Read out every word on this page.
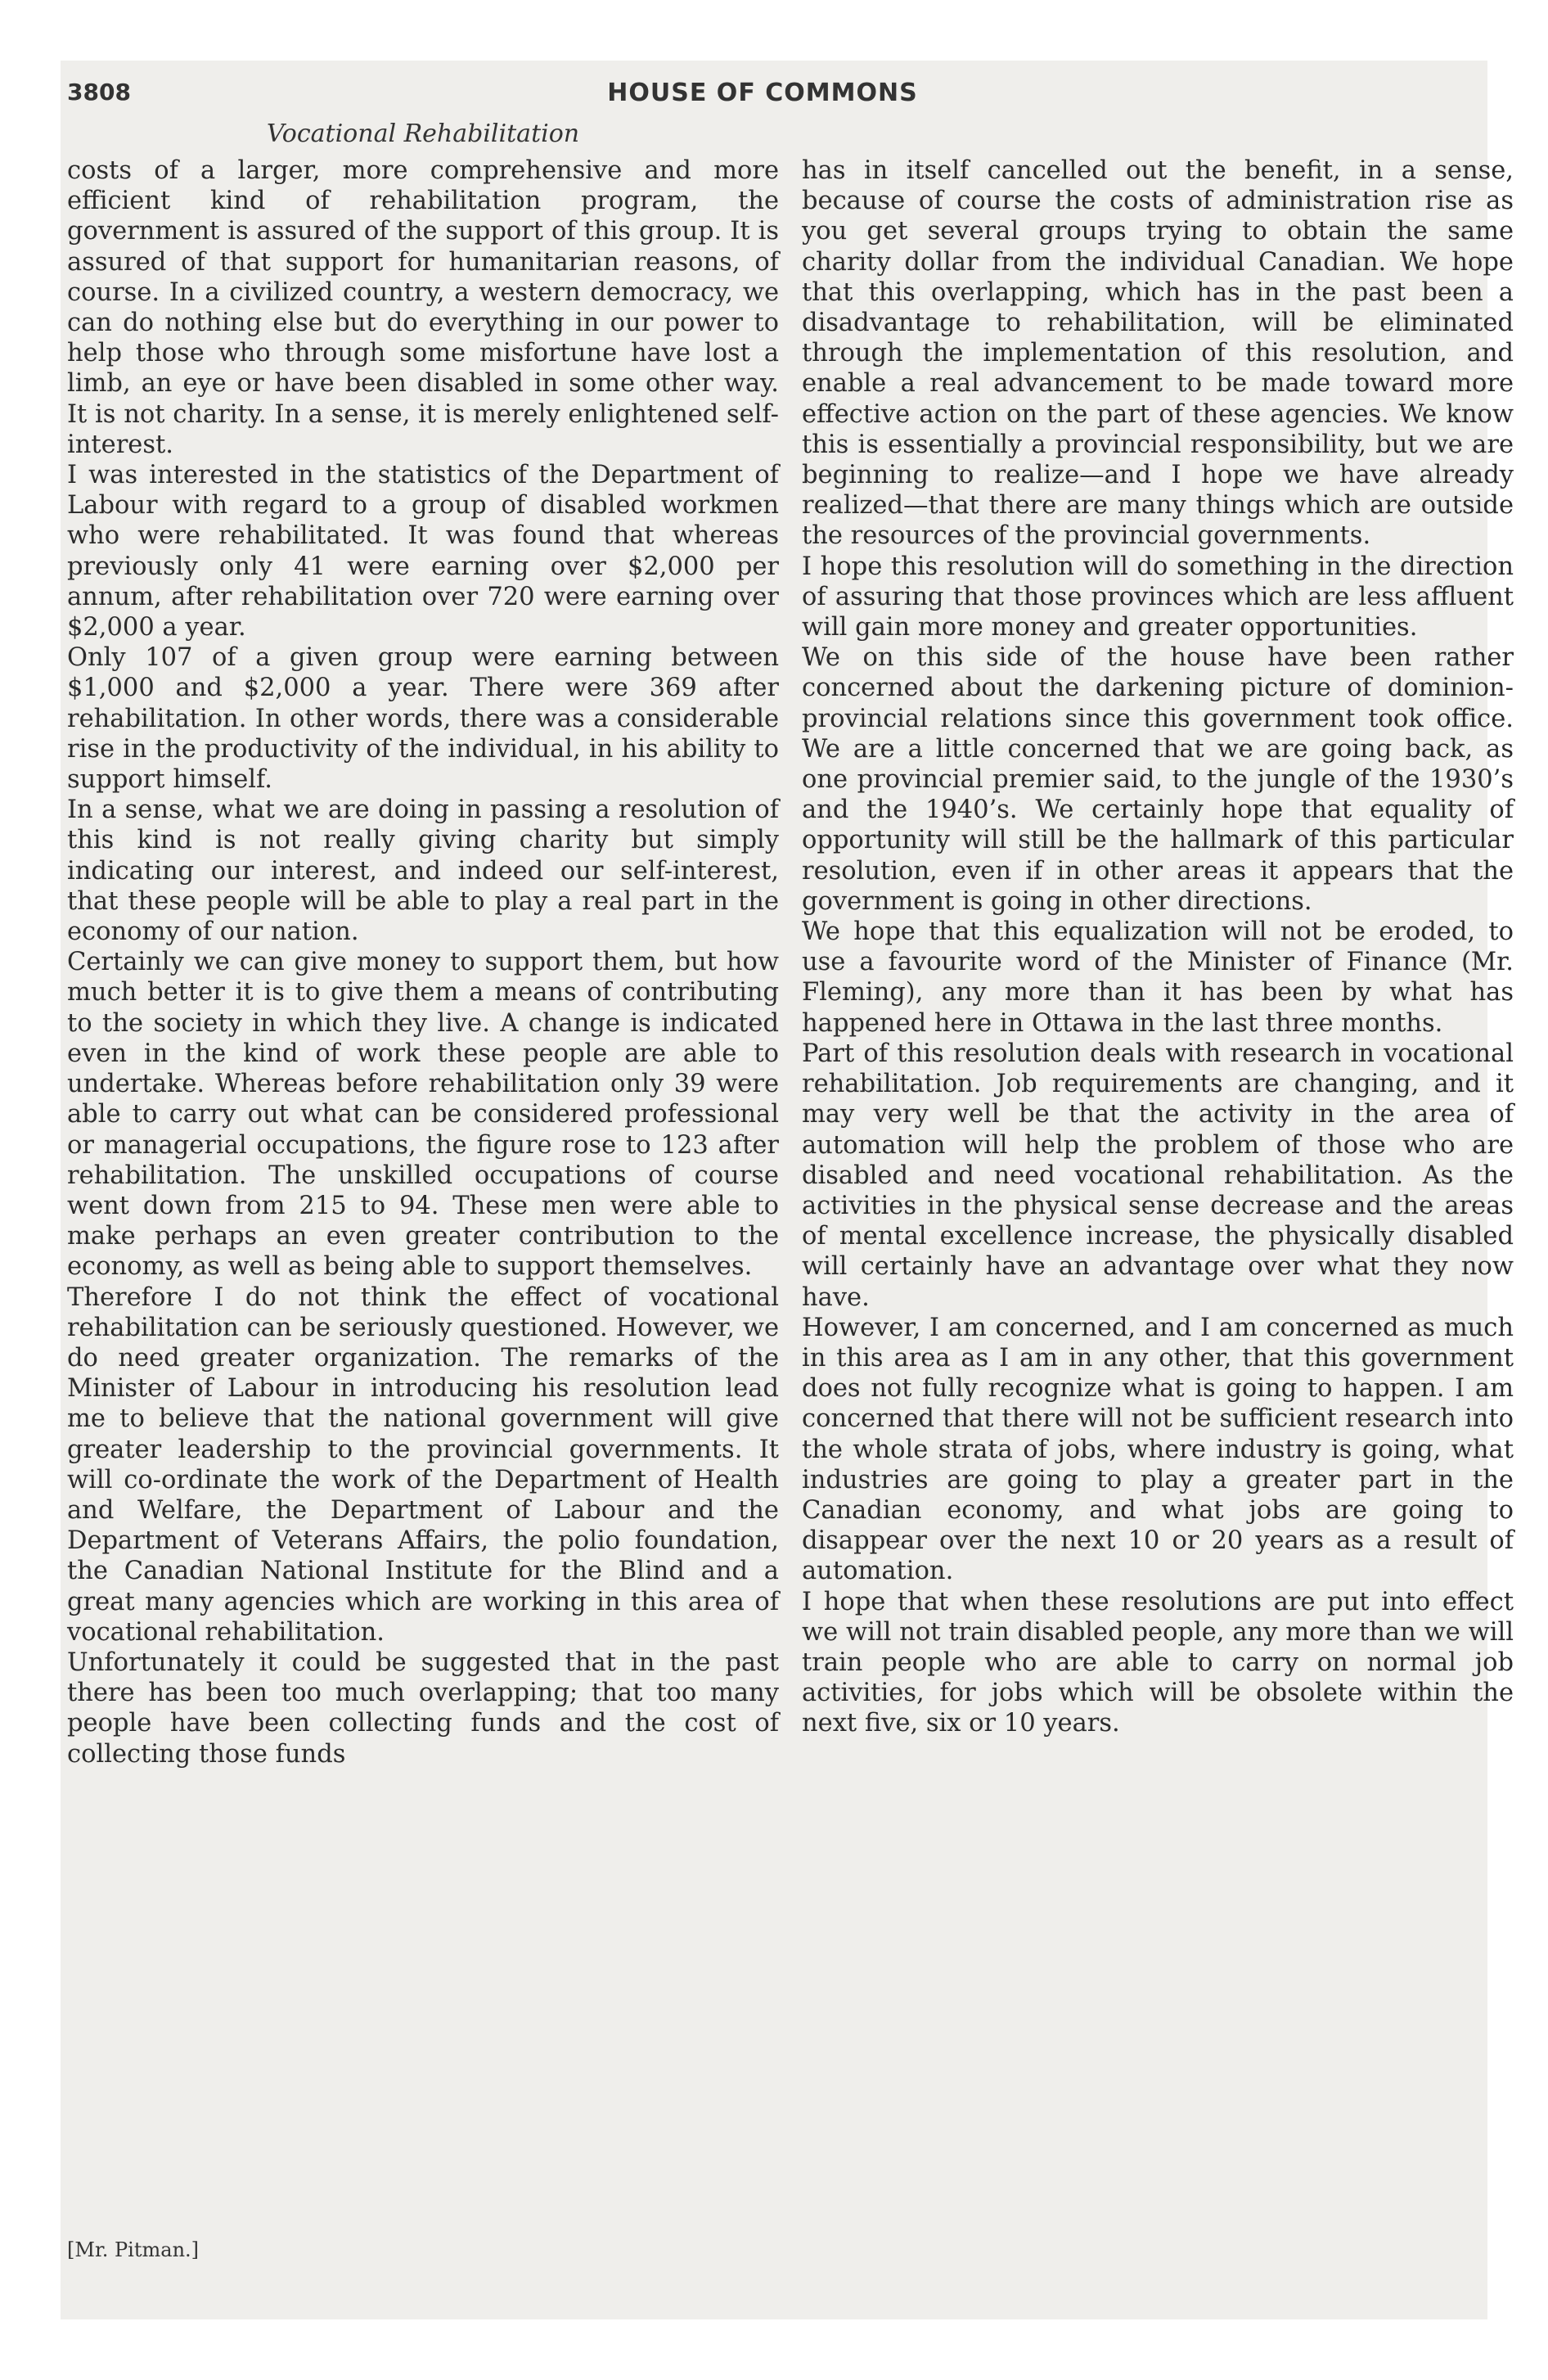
3808	HOUSE OF COMMONS
Vocational Rehabilitation

costs of a larger, more comprehensive and more efficient kind of rehabilitation program, the government is assured of the support of this group. It is assured of that support for humanitarian reasons, of course. In a civilized country, a western democracy, we can do nothing else but do everything in our power to help those who through some misfortune have lost a limb, an eye or have been disabled in some other way. It is not charity. In a sense, it is merely enlightened self-interest.

I was interested in the statistics of the Department of Labour with regard to a group of disabled workmen who were rehabilitated. It was found that whereas previously only 41 were earning over $2,000 per annum, after rehabilitation over 720 were earning over $2,000 a year.

Only 107 of a given group were earning between $1,000 and $2,000 a year. There were 369 after rehabilitation. In other words, there was a considerable rise in the productivity of the individual, in his ability to support himself.

In a sense, what we are doing in passing a resolution of this kind is not really giving charity but simply indicating our interest, and indeed our self-interest, that these people will be able to play a real part in the economy of our nation.

Certainly we can give money to support them, but how much better it is to give them a means of contributing to the society in which they live. A change is indicated even in the kind of work these people are able to undertake. Whereas before rehabilitation only 39 were able to carry out what can be considered professional or managerial occupations, the figure rose to 123 after rehabilitation. The unskilled occupations of course went down from 215 to 94. These men were able to make perhaps an even greater contribution to the economy, as well as being able to support themselves.

Therefore I do not think the effect of vocational rehabilitation can be seriously questioned. However, we do need greater organization. The remarks of the Minister of Labour in introducing his resolution lead me to believe that the national government will give greater leadership to the provincial governments. It will co-ordinate the work of the Department of Health and Welfare, the Department of Labour and the Department of Veterans Affairs, the polio foundation, the Canadian National Institute for the Blind and a great many agencies which are working in this area of vocational rehabilitation.

Unfortunately it could be suggested that in the past there has been too much overlapping; that too many people have been collecting funds and the cost of collecting those funds

has in itself cancelled out the benefit, in a sense, because of course the costs of administration rise as you get several groups trying to obtain the same charity dollar from the individual Canadian. We hope that this overlapping, which has in the past been a disadvantage to rehabilitation, will be eliminated through the implementation of this resolution, and enable a real advancement to be made toward more effective action on the part of these agencies. We know this is essentially a provincial responsibility, but we are beginning to realize—and I hope we have already realized—that there are many things which are outside the resources of the provincial governments.

I hope this resolution will do something in the direction of assuring that those provinces which are less affluent will gain more money and greater opportunities.

We on this side of the house have been rather concerned about the darkening picture of dominion-provincial relations since this government took office. We are a little concerned that we are going back, as one provincial premier said, to the jungle of the 1930’s and the 1940’s. We certainly hope that equality of opportunity will still be the hallmark of this particular resolution, even if in other areas it appears that the government is going in other directions.

We hope that this equalization will not be eroded, to use a favourite word of the Minister of Finance (Mr. Fleming), any more than it has been by what has happened here in Ottawa in the last three months.

Part of this resolution deals with research in vocational rehabilitation. Job requirements are changing, and it may very well be that the activity in the area of automation will help the problem of those who are disabled and need vocational rehabilitation. As the activities in the physical sense decrease and the areas of mental excellence increase, the physically disabled will certainly have an advantage over what they now have.

However, I am concerned, and I am concerned as much in this area as I am in any other, that this government does not fully recognize what is going to happen. I am concerned that there will not be sufficient research into the whole strata of jobs, where industry is going, what industries are going to play a greater part in the Canadian economy, and what jobs are going to disappear over the next 10 or 20 years as a result of automation.

I hope that when these resolutions are put into effect we will not train disabled people, any more than we will train people who are able to carry on normal job activities, for jobs which will be obsolete within the next five, six or 10 years.

[Mr. Pitman.]
